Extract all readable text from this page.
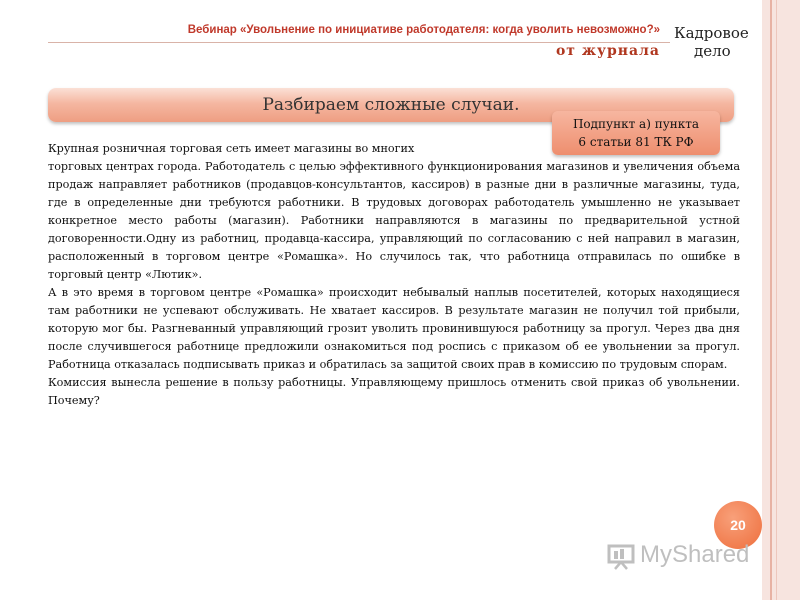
Вебинар «Увольнение по инициативе работодателя: когда уволить невозможно?»
от журнала
Кадровое
дело
Разбираем сложные случаи.

Крупная розничная торговая сеть имеет магазины во многих
торговых центрах города. Работодатель с целью эффективного функционирования магазинов и увеличения объема продаж направляет работников (продавцов-консультантов, кассиров) в разные дни в различные магазины, туда, где в определенные дни требуются работники. В трудовых договорах работодатель умышленно не указывает конкретное место работы (магазин). Работники направляются в магазины по предварительной устной договоренности.Одну из работниц, продавца-кассира, управляющий по согласованию с ней направил в магазин, расположенный в торговом центре «Ромашка». Но случилось так, что работница отправилась по ошибке в торговый центр «Лютик».

А в это время в торговом центре «Ромашка» происходит небывалый наплыв посетителей, которых находящиеся там работники не успевают обслуживать. Не хватает кассиров. В результате магазин не получил той прибыли, которую мог бы. Разгневанный управляющий грозит уволить провинившуюся работницу за прогул. Через два дня после случившегося работнице предложили ознакомиться под роспись с приказом об ее увольнении за прогул. Работница отказалась подписывать приказ и обратилась за защитой своих прав в комиссию по трудовым спорам.

Комиссия вынесла решение в пользу работницы. Управляющему пришлось отменить свой приказ об увольнении. Почему?

Подпункт а) пункта
6 статьи 81 ТК РФ
20
MyShared
